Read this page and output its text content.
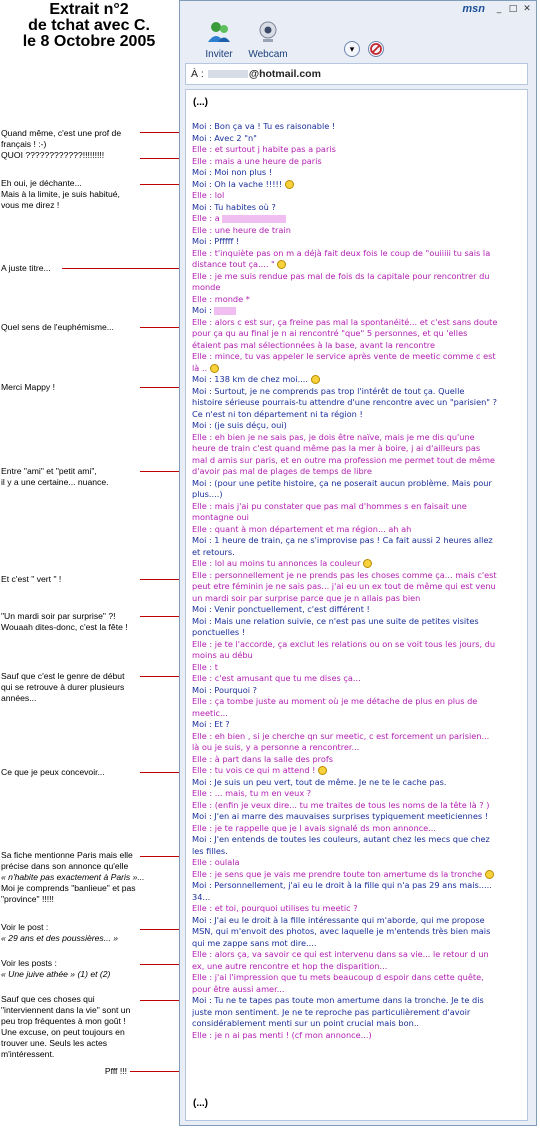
Extrait n°2
de tchat avec C.
le 8 Octobre 2005
Quand même, c'est une prof de
français ! :-)
QUOI ????????????!!!!!!!!!
Eh oui, je déchante...
Mais à la limite, je suis habitué,
vous me direz !
A juste titre...
Quel sens de l'euphémisme...
Merci Mappy !
Entre "ami" et "petit ami",
il y a une certaine... nuance.
Et c'est " vert " !
"Un mardi soir par surprise" ?!
Wouaah dites-donc, c'est la fête !
Sauf que c'est le genre de début
qui se retrouve à durer plusieurs
années...
Ce que je peux concevoir...
Sa fiche mentionne Paris mais elle
précise dans son annonce qu'elle
« n'habite pas exactement à Paris »...
Moi je comprends "banlieue" et pas
"province" !!!!!
Voir le post :
« 29 ans et des poussières... »
Voir les posts :
« Une juive athée » (1) et (2)
Sauf que ces choses qui
"interviennent dans la vie" sont un
peu trop fréquentes à mon goût !
Une excuse, on peut toujours en
trouver une. Seuls les actes
m'intéressent.
Pfff !!!
msn	_ □ ✕
Inviter	Webcam	▾
À :	@hotmail.com
(...)
Moi : Bon ça va ! Tu es raisonable !
Moi : Avec 2 "n"
Elle : et surtout j habite pas a paris
Elle : mais a une heure de paris
Moi : Moi non plus !
Moi : Oh la vache !!!!!
Elle : lol
Moi : Tu habites où ?
Elle : a
Elle : une heure de train
Moi : Pfffff !
Elle : t'inquiète pas on m a déjà fait deux fois le coup de "ouiiiii tu sais la
distance tout ça.... "
Elle : je me suis rendue pas mal de fois ds la capitale pour rencontrer du
monde
Elle : monde *
Moi :
Elle : alors c est sur, ça freine pas mal la spontanéité... et c'est sans doute
pour ça qu au final je n ai rencontré "que" 5 personnes, et qu 'elles
étaient pas mal sélectionnées à la base, avant la rencontre
Elle : mince, tu vas appeler le service après vente de meetic comme c est
là ..
Moi : 138 km de chez moi....
Moi : Surtout, je ne comprends pas trop l'intérêt de tout ça. Quelle
histoire sérieuse pourrais-tu attendre d'une rencontre avec un "parisien" ?
Ce n'est ni ton département ni ta région !
Moi : (je suis déçu, oui)
Elle : eh bien je ne sais pas, je dois être naïve, mais je me dis qu'une
heure de train c'est quand même pas la mer à boire, j ai d'ailleurs pas
mal d amis sur paris, et en outre ma profession me permet tout de même
d'avoir pas mal de plages de temps de libre
Moi : (pour une petite histoire, ça ne poserait aucun problème. Mais pour
plus....)
Elle : mais j'ai pu constater que pas mal d'hommes s en faisait une
montagne oui
Elle : quant à mon département et ma région... ah ah
Moi : 1 heure de train, ça ne s'improvise pas ! Ca fait aussi 2 heures allez
et retours.
Elle : lol au moins tu annonces la couleur
Elle : personnellement je ne prends pas les choses comme ça... mais c'est
peut etre féminin je ne sais pas... j'ai eu un ex tout de même qui est venu
un mardi soir par surprise parce que je n allais pas bien
Moi : Venir ponctuellement, c'est différent !
Moi : Mais une relation suivie, ce n'est pas une suite de petites visites
ponctuelles !
Elle : je te l'accorde, ça exclut les relations ou on se voit tous les jours, du
moins au débu
Elle : t
Elle : c'est amusant que tu me dises ça...
Moi : Pourquoi ?
Elle : ça tombe juste au moment où je me détache de plus en plus de
meetic...
Moi : Et ?
Elle : eh bien , si je cherche qn sur meetic, c est forcement un parisien...
là ou je suis, y a personne a rencontrer...
Elle : à part dans la salle des profs
Elle : tu vois ce qui m attend !
Moi : Je suis un peu vert, tout de même. Je ne te le cache pas.
Elle : ... mais, tu m en veux ?
Elle : (enfin je veux dire... tu me traites de tous les noms de la tête là ? )
Moi : J'en ai marre des mauvaises surprises typiquement meeticiennes !
Elle : je te rappelle que je l avais signalé ds mon annonce...
Moi : J'en entends de toutes les couleurs, autant chez les mecs que chez
les filles.
Elle : oulala
Elle : je sens que je vais me prendre toute ton amertume ds la tronche
Moi : Personnellement, j'ai eu le droit à la fille qui n'a pas 29 ans mais.....
34...
Elle : et toi, pourquoi utilises tu meetic ?
Moi : J'ai eu le droit à la fille intéressante qui m'aborde, qui me propose
MSN, qui m'envoit des photos, avec laquelle je m'entends très bien mais
qui me zappe sans mot dire....
Elle : alors ça, va savoir ce qui est intervenu dans sa vie... le retour d un
ex, une autre rencontre et hop the disparition...
Elle : j'ai l'impression que tu mets beaucoup d espoir dans cette quête,
pour être aussi amer...
Moi : Tu ne te tapes pas toute mon amertume dans la tronche. Je te dis
juste mon sentiment. Je ne te reproche pas particulièrement d'avoir
considérablement menti sur un point crucial mais bon..
Elle : je n ai pas menti ! (cf mon annonce...)
(...)
